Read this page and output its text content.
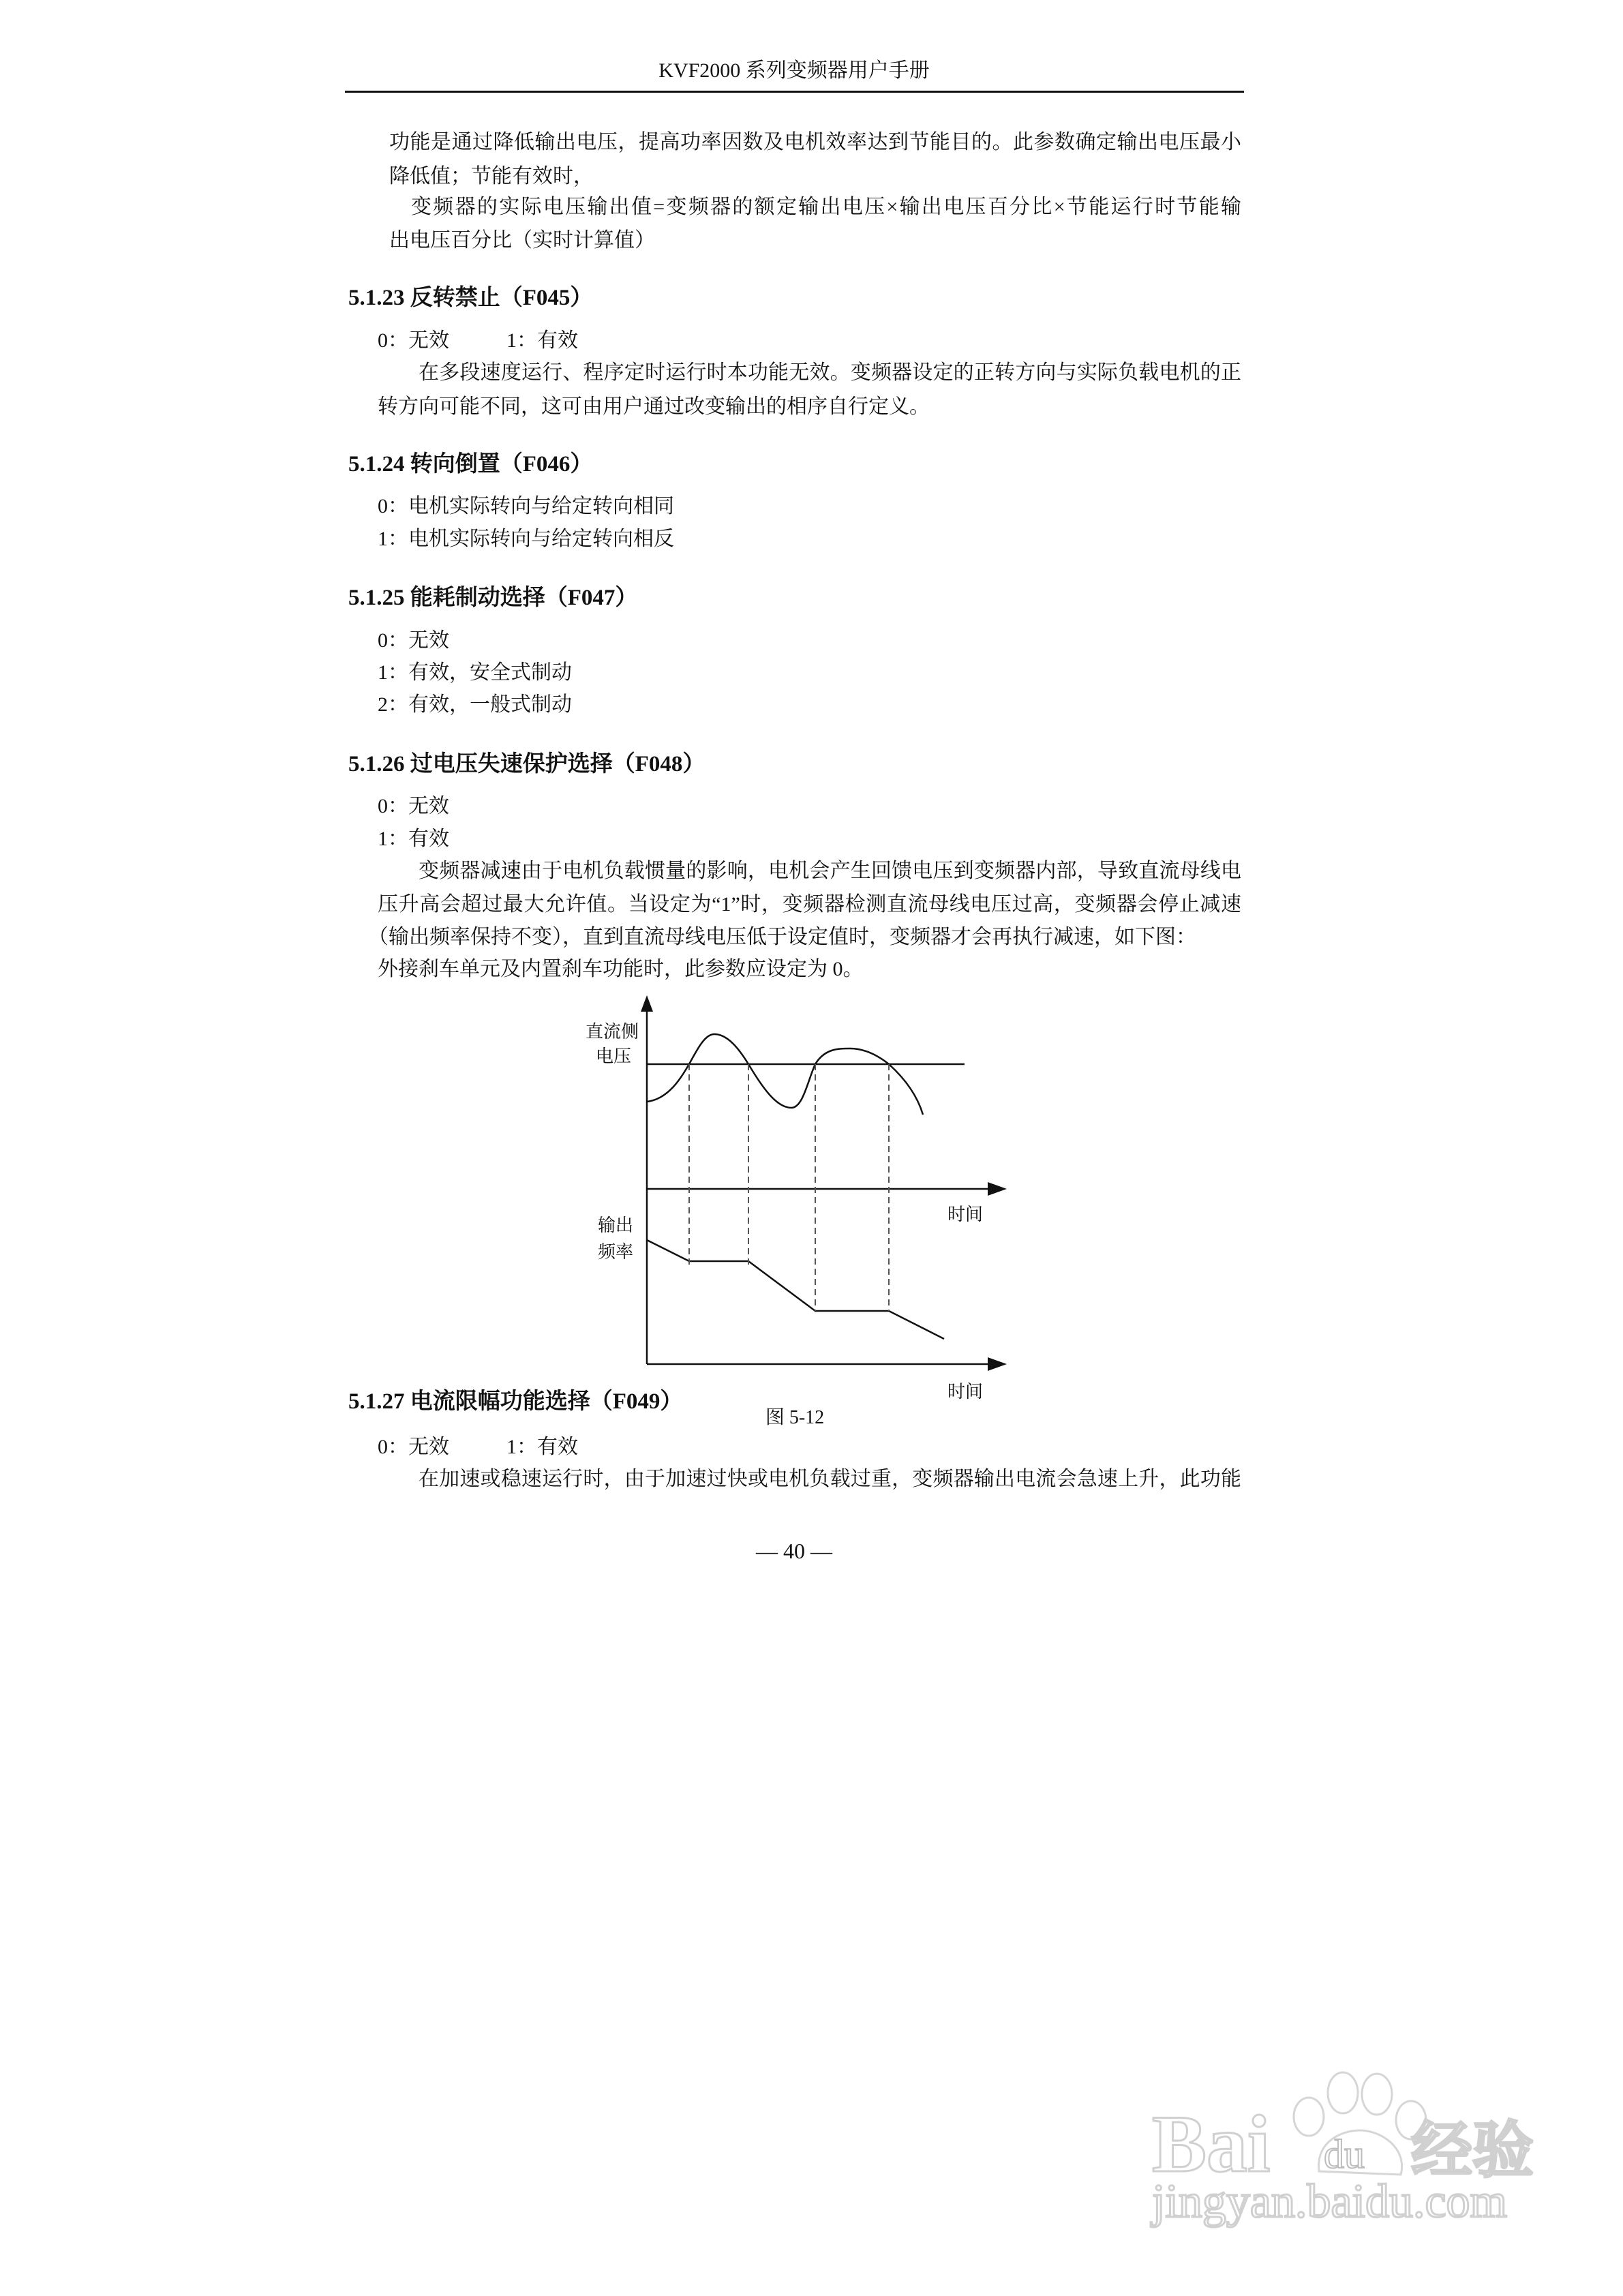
KVF2000 系列变频器用户手册
功能是通过降低输出电压，提高功率因数及电机效率达到节能目的。此参数确定输出电压最小
降低值；节能有效时，
变频器的实际电压输出值=变频器的额定输出电压×输出电压百分比×节能运行时节能输
出电压百分比（实时计算值）
5.1.23 反转禁止（F045）
0：无效	1：有效
在多段速度运行、程序定时运行时本功能无效。变频器设定的正转方向与实际负载电机的正
转方向可能不同，这可由用户通过改变输出的相序自行定义。
5.1.24 转向倒置（F046）
0：电机实际转向与给定转向相同
1：电机实际转向与给定转向相反
5.1.25 能耗制动选择（F047）
0：无效
1：有效，安全式制动
2：有效，一般式制动
5.1.26 过电压失速保护选择（F048）
0：无效
1：有效
变频器减速由于电机负载惯量的影响，电机会产生回馈电压到变频器内部，导致直流母线电
压升高会超过最大允许值。当设定为“1”时，变频器检测直流母线电压过高，变频器会停止减速
（输出频率保持不变），直到直流母线电压低于设定值时，变频器才会再执行减速，如下图：
外接刹车单元及内置刹车功能时，此参数应设定为 0。
直流侧
电压
输出
频率
时间
时间
图 5-12
5.1.27 电流限幅功能选择（F049）
0：无效	1：有效
在加速或稳速运行时，由于加速过快或电机负载过重，变频器输出电流会急速上升，此功能
— 40 —
Bai du 经验
jingyan.baidu.com
